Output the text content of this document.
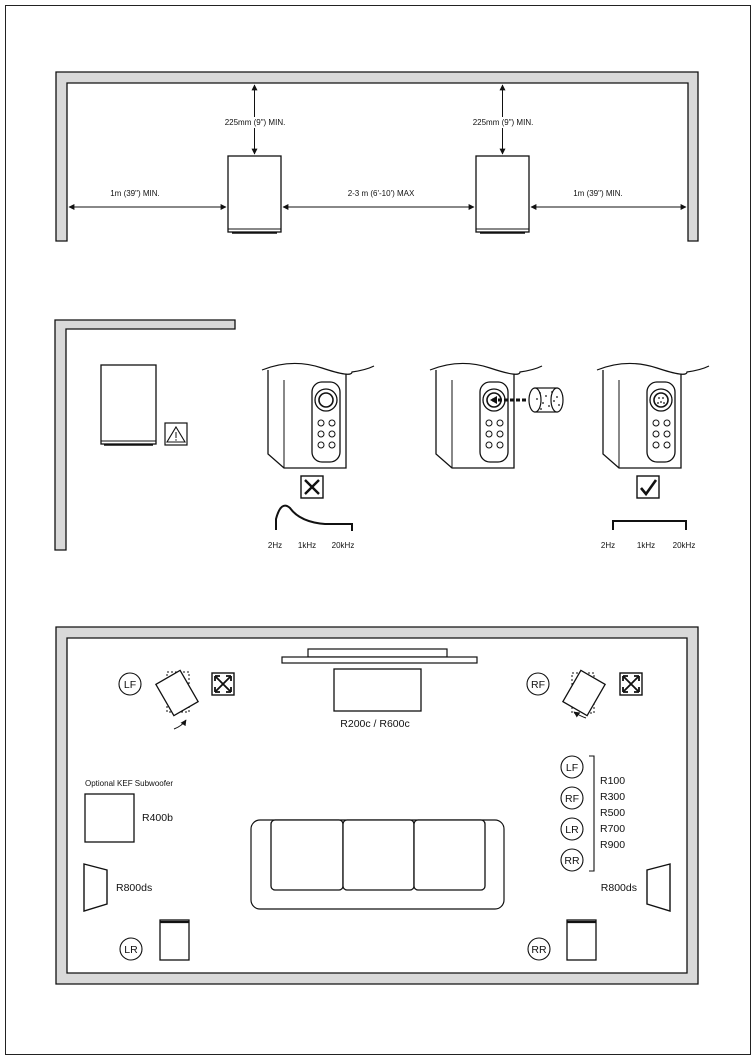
1m (39") MIN.	2-3 m (6'-10') MAX	1m (39") MIN.
225mm (9") MIN.	225mm (9") MIN.
2Hz 1kHz 20kHz	2Hz	1kHz 20kHz
R200c / R600c
LF	RF
Optional KEF Subwoofer
R400b
R800ds	R800ds
LR	RR
LF
RF
LR
RR
R100
R300
R500
R700
R900
